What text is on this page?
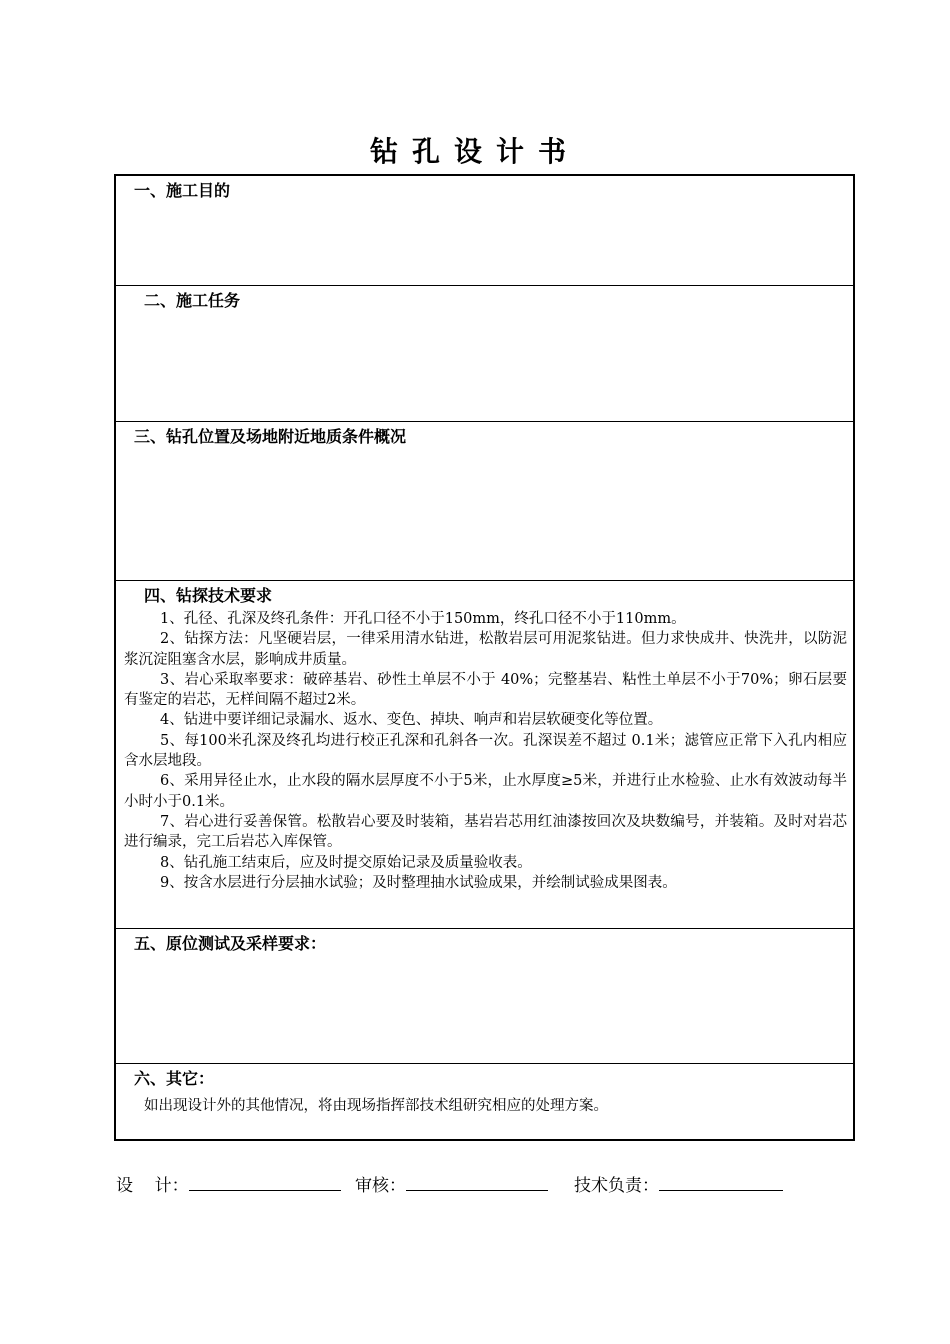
钻孔设计书
一、施工目的
二、施工任务
三、钻孔位置及场地附近地质条件概况
四、钻探技术要求

1、孔径、孔深及终孔条件：开孔口径不小于150mm，终孔口径不小于110mm。

2、钻探方法：凡坚硬岩层，一律采用清水钻进，松散岩层可用泥浆钻进。但力求快成井、快洗井，以防泥浆沉淀阻塞含水层，影响成井质量。

3、岩心采取率要求：破碎基岩、砂性土单层不小于 40%；完整基岩、粘性土单层不小于70%；卵石层要有鉴定的岩芯，无样间隔不超过2米。

4、钻进中要详细记录漏水、返水、变色、掉块、响声和岩层软硬变化等位置。

5、每100米孔深及终孔均进行校正孔深和孔斜各一次。孔深误差不超过 0.1米；滤管应正常下入孔内相应含水层地段。

6、采用异径止水，止水段的隔水层厚度不小于5米，止水厚度≥5米，并进行止水检验、止水有效波动每半小时小于0.1米。

7、岩心进行妥善保管。松散岩心要及时装箱，基岩岩芯用红油漆按回次及块数编号，并装箱。及时对岩芯进行编录，完工后岩芯入库保管。

8、钻孔施工结束后，应及时提交原始记录及质量验收表。

9、按含水层进行分层抽水试验；及时整理抽水试验成果，并绘制试验成果图表。

五、原位测试及采样要求：
六、其它：
如出现设计外的其他情况，将由现场指挥部技术组研究相应的处理方案。
设    计：	审核：	技术负责：
